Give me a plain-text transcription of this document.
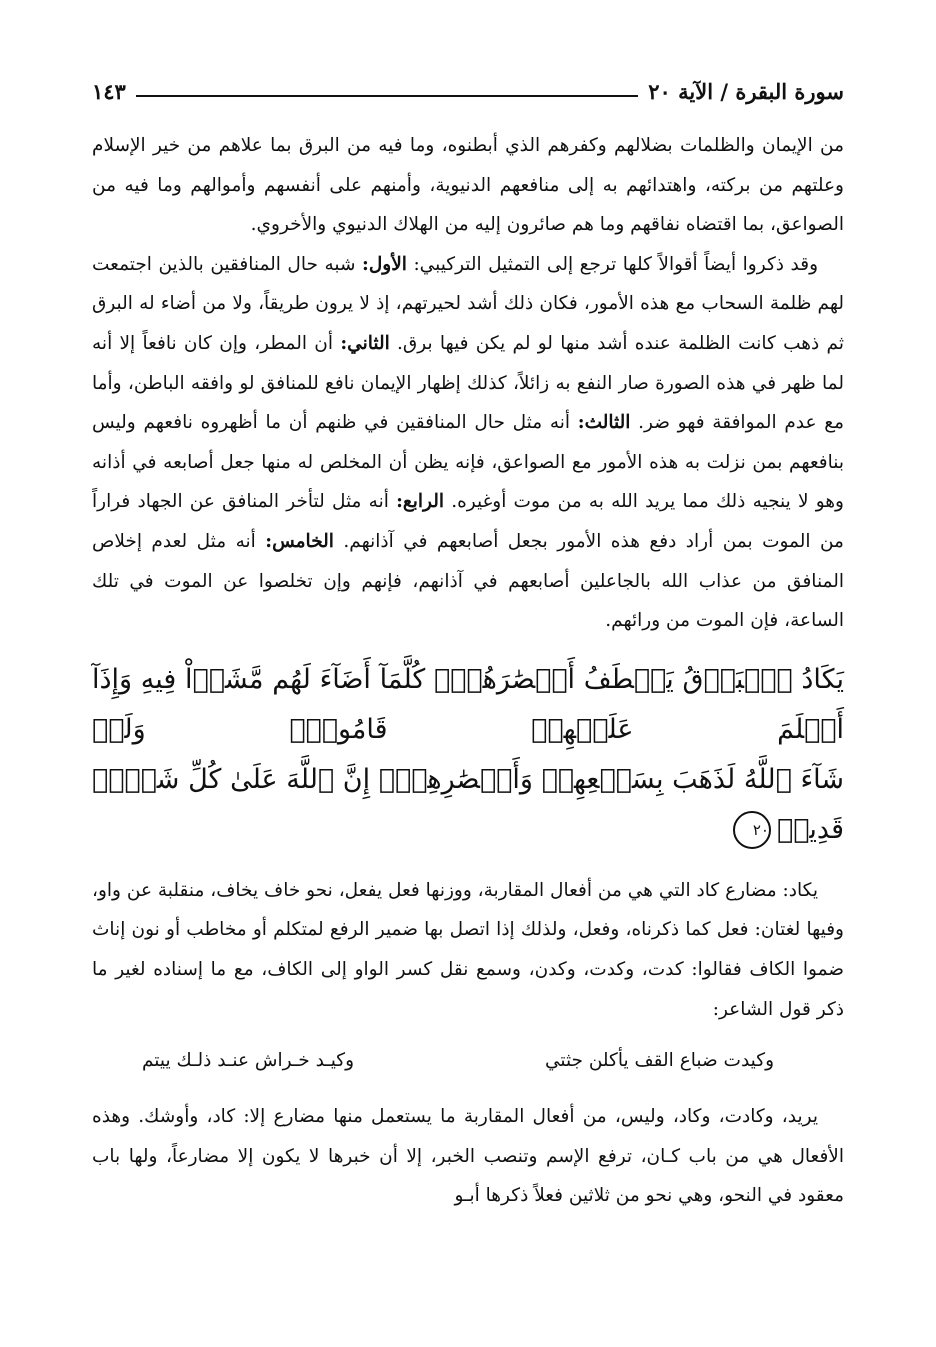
سورة البقرة / الآية ٢٠
١٤٣

من الإيمان والظلمات بضلالهم وكفرهم الذي أبطنوه، وما فيه من البرق بما علاهم من خير الإسلام وعلتهم من بركته، واهتدائهم به إلى منافعهم الدنيوية، وأمنهم على أنفسهم وأموالهم وما فيه من الصواعق، بما اقتضاه نفاقهم وما هم صائرون إليه من الهلاك الدنيوي والأخروي.

وقد ذكروا أيضاً أقوالاً كلها ترجع إلى التمثيل التركيبي: الأول: شبه حال المنافقين بالذين اجتمعت لهم ظلمة السحاب مع هذه الأمور، فكان ذلك أشد لحيرتهم، إذ لا يرون طريقاً، ولا من أضاء له البرق ثم ذهب كانت الظلمة عنده أشد منها لو لم يكن فيها برق. الثاني: أن المطر، وإن كان نافعاً إلا أنه لما ظهر في هذه الصورة صار النفع به زائلاً، كذلك إظهار الإيمان نافع للمنافق لو وافقه الباطن، وأما مع عدم الموافقة فهو ضر. الثالث: أنه مثل حال المنافقين في ظنهم أن ما أظهروه نافعهم وليس بنافعهم بمن نزلت به هذه الأمور مع الصواعق، فإنه يظن أن المخلص له منها جعل أصابعه في أذانه وهو لا ينجيه ذلك مما يريد الله به من موت أوغيره. الرابع: أنه مثل لتأخر المنافق عن الجهاد فراراً من الموت بمن أراد دفع هذه الأمور بجعل أصابعهم في آذانهم. الخامس: أنه مثل لعدم إخلاص المنافق من عذاب الله بالجاعلين أصابعهم في آذانهم، فإنهم وإن تخلصوا عن الموت في تلك الساعة، فإن الموت من ورائهم.

يَكَادُ ٱلۡبَرۡقُ يَخۡطَفُ أَبۡصَٰرَهُمۡۖ كُلَّمَآ أَضَآءَ لَهُم مَّشَوۡاْ فِيهِ وَإِذَآ أَظۡلَمَ عَلَيۡهِمۡ قَامُواْۚ وَلَوۡ
شَآءَ ٱللَّهُ لَذَهَبَ بِسَمۡعِهِمۡ وَأَبۡصَٰرِهِمۡۚ إِنَّ ٱللَّهَ عَلَىٰ كُلِّ شَيۡءٖ قَدِيرٞ٢٠

يكاد: مضارع كاد التي هي من أفعال المقاربة، ووزنها فعل يفعل، نحو خاف يخاف، منقلبة عن واو، وفيها لغتان: فعل كما ذكرناه، وفعل، ولذلك إذا اتصل بها ضمير الرفع لمتكلم أو مخاطب أو نون إناث ضموا الكاف فقالوا: كدت، وكدت، وكدن، وسمع نقل كسر الواو إلى الكاف، مع ما إسناده لغير ما ذكر قول الشاعر:

وكيدت ضباع القف يأكلن جثتي
وكيـد خـراش عنـد ذلـك ييتم

يريد، وكادت، وكاد، وليس، من أفعال المقاربة ما يستعمل منها مضارع إلا: كاد، وأوشك. وهذه الأفعال هي من باب كـان، ترفع الإسم وتنصب الخبر، إلا أن خبرها لا يكون إلا مضارعاً، ولها باب معقود في النحو، وهي نحو من ثلاثين فعلاً ذكرها أبـو
